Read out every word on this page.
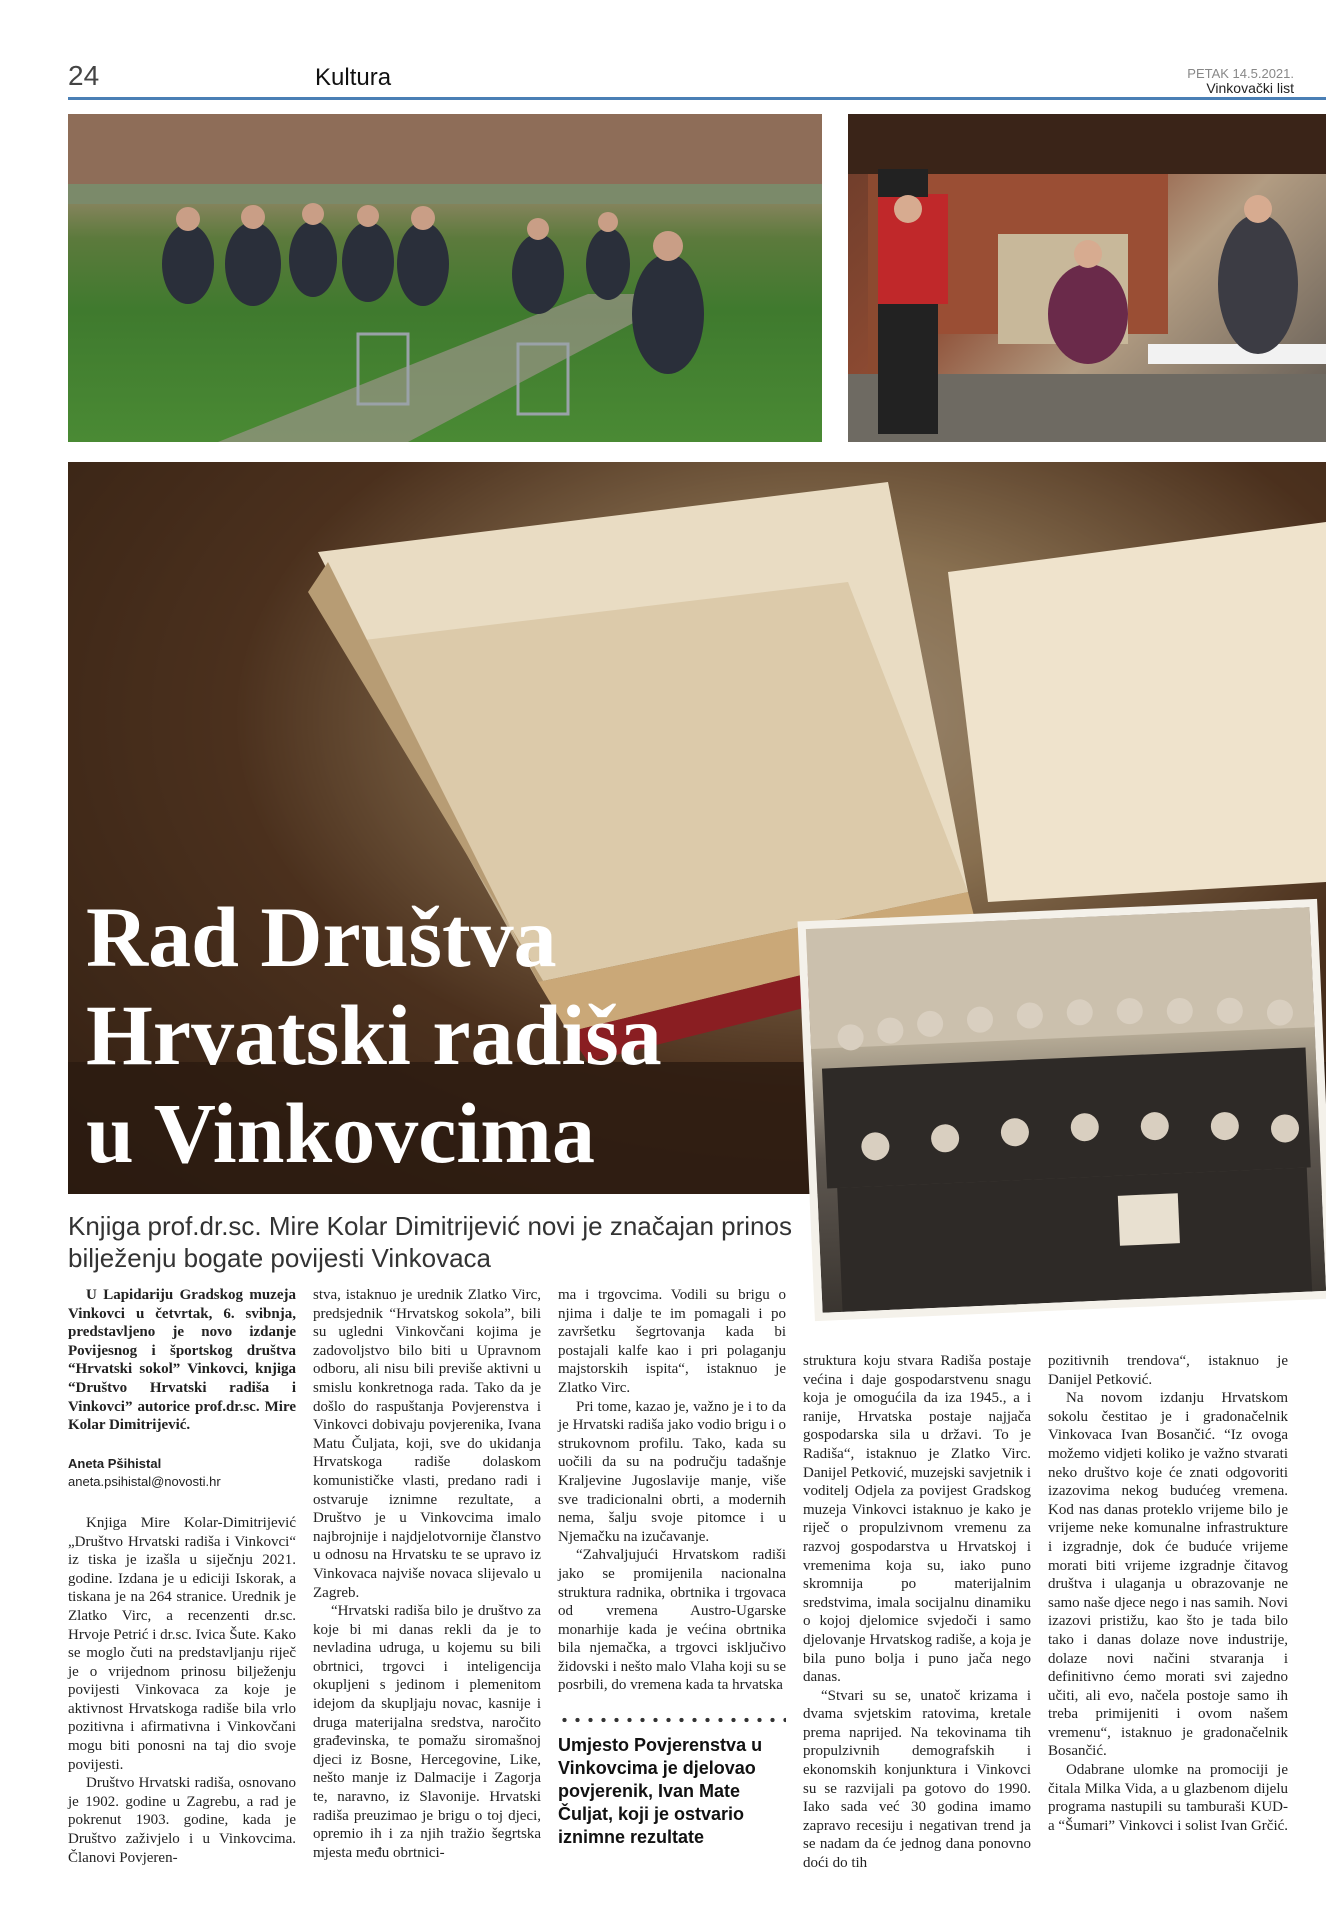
24	Kultura	PETAK 14.5.2021.
Vinkovački list
Rad Društva
Hrvatski radiša
u Vinkovcima
Knjiga prof.dr.sc. Mire Kolar Dimitrijević novi je značajan prinos bilježenju bogate povijesti Vinkovaca

U Lapidariju Gradskog muzeja Vinkovci u četvrtak, 6. svibnja, predstavljeno je novo izdanje Povijesnog i športskog društva “Hrvatski sokol” Vinkovci, knjiga “Društvo Hrvatski radiša i Vinkovci” autorice prof.dr.sc. Mire Kolar Dimitrijević.

Aneta Pšihistal
aneta.psihistal@novosti.hr

Knjiga Mire Kolar-Dimitrijević „Društvo Hrvatski radiša i Vinkovci“ iz tiska je izašla u siječnju 2021. godine. Izdana je u ediciji Iskorak, a tiskana je na 264 stranice. Urednik je Zlatko Virc, a recenzenti dr.sc. Hrvoje Petrić i dr.sc. Ivica Šute. Kako se moglo čuti na predstavljanju riječ je o vrijednom prinosu bilježenju povijesti Vinkovaca za koje je aktivnost Hrvatskoga radiše bila vrlo pozitivna i afirmativna i Vinkovčani mogu biti ponosni na taj dio svoje povijesti.

Društvo Hrvatski radiša, osnovano je 1902. godine u Zagrebu, a rad je pokrenut 1903. godine, kada je Društvo zaživjelo i u Vinkovcima. Članovi Povjeren-

stva, istaknuo je urednik Zlatko Virc, predsjednik “Hrvatskog sokola”, bili su ugledni Vinkovčani kojima je zadovoljstvo bilo biti u Upravnom odboru, ali nisu bili previše aktivni u smislu konkretnoga rada. Tako da je došlo do raspuštanja Povjerenstva i Vinkovci dobivaju povjerenika, Ivana Matu Čuljata, koji, sve do ukidanja Hrvatskoga radiše dolaskom komunističke vlasti, predano radi i ostvaruje iznimne rezultate, a Društvo je u Vinkovcima imalo najbrojnije i najdjelotvornije članstvo u odnosu na Hrvatsku te se upravo iz Vinkovaca najviše novaca slijevalo u Zagreb.

“Hrvatski radiša bilo je društvo za koje bi mi danas rekli da je to nevladina udruga, u kojemu su bili obrtnici, trgovci i inteligencija okupljeni s jedinom i plemenitom idejom da skupljaju novac, kasnije i druga materijalna sredstva, naročito građevinska, te pomažu siromašnoj djeci iz Bosne, Hercegovine, Like, nešto manje iz Dalmacije i Zagorja te, naravno, iz Slavonije. Hrvatski radiša preuzimao je brigu o toj djeci, opremio ih i za njih tražio šegrtska mjesta među obrtnici-

ma i trgovcima. Vodili su brigu o njima i dalje te im pomagali i po završetku šegrtovanja kada bi postajali kalfe kao i pri polaganju majstorskih ispita“, istaknuo je Zlatko Virc.

Pri tome, kazao je, važno je i to da je Hrvatski radiša jako vodio brigu i o strukovnom profilu. Tako, kada su uočili da su na području tadašnje Kraljevine Jugoslavije manje, više sve tradicionalni obrti, a modernih nema, šalju svoje pitomce i u Njemačku na izučavanje.

“Zahvaljujući Hrvatskom radiši jako se promijenila nacionalna struktura radnika, obrtnika i trgovaca od vremena Austro-Ugarske monarhije kada je većina obrtnika bila njemačka, a trgovci isključivo židovski i nešto malo Vlaha koji su se posrbili, do vremena kada ta hrvatska

Umjesto Povjerenstva u Vinkovcima je djelovao povjerenik, Ivan Mate Čuljat, koji je ostvario iznimne rezultate

struktura koju stvara Radiša postaje većina i daje gospodarstvenu snagu koja je omogućila da iza 1945., a i ranije, Hrvatska postaje najjača gospodarska sila u državi. To je Radiša“, istaknuo je Zlatko Virc. Danijel Petković, muzejski savjetnik i voditelj Odjela za povijest Gradskog muzeja Vinkovci istaknuo je kako je riječ o propulzivnom vremenu za razvoj gospodarstva u Hrvatskoj i vremenima koja su, iako puno skromnija po materijalnim sredstvima, imala socijalnu dinamiku o kojoj djelomice svjedoči i samo djelovanje Hrvatskog radiše, a koja je bila puno bolja i puno jača nego danas.

“Stvari su se, unatoč krizama i dvama svjetskim ratovima, kretale prema naprijed. Na tekovinama tih propulzivnih demografskih i ekonomskih konjunktura i Vinkovci su se razvijali pa gotovo do 1990. Iako sada već 30 godina imamo zapravo recesiju i negativan trend ja se nadam da će jednog dana ponovno doći do tih

pozitivnih trendova“, istaknuo je Danijel Petković.

Na novom izdanju Hrvatskom sokolu čestitao je i gradonačelnik Vinkovaca Ivan Bosančić. “Iz ovoga možemo vidjeti koliko je važno stvarati neko društvo koje će znati odgovoriti izazovima nekog budućeg vremena. Kod nas danas proteklo vrijeme bilo je vrijeme neke komunalne infrastrukture i izgradnje, dok će buduće vrijeme morati biti vrijeme izgradnje čitavog društva i ulaganja u obrazovanje ne samo naše djece nego i nas samih. Novi izazovi pristižu, kao što je tada bilo tako i danas dolaze nove industrije, dolaze novi načini stvaranja i definitivno ćemo morati svi zajedno učiti, ali evo, načela postoje samo ih treba primijeniti i ovom našem vremenu“, istaknuo je gradonačelnik Bosančić.

Odabrane ulomke na promociji je čitala Milka Vida, a u glazbenom dijelu programa nastupili su tamburaši KUD-a “Šumari” Vinkovci i solist Ivan Grčić.
